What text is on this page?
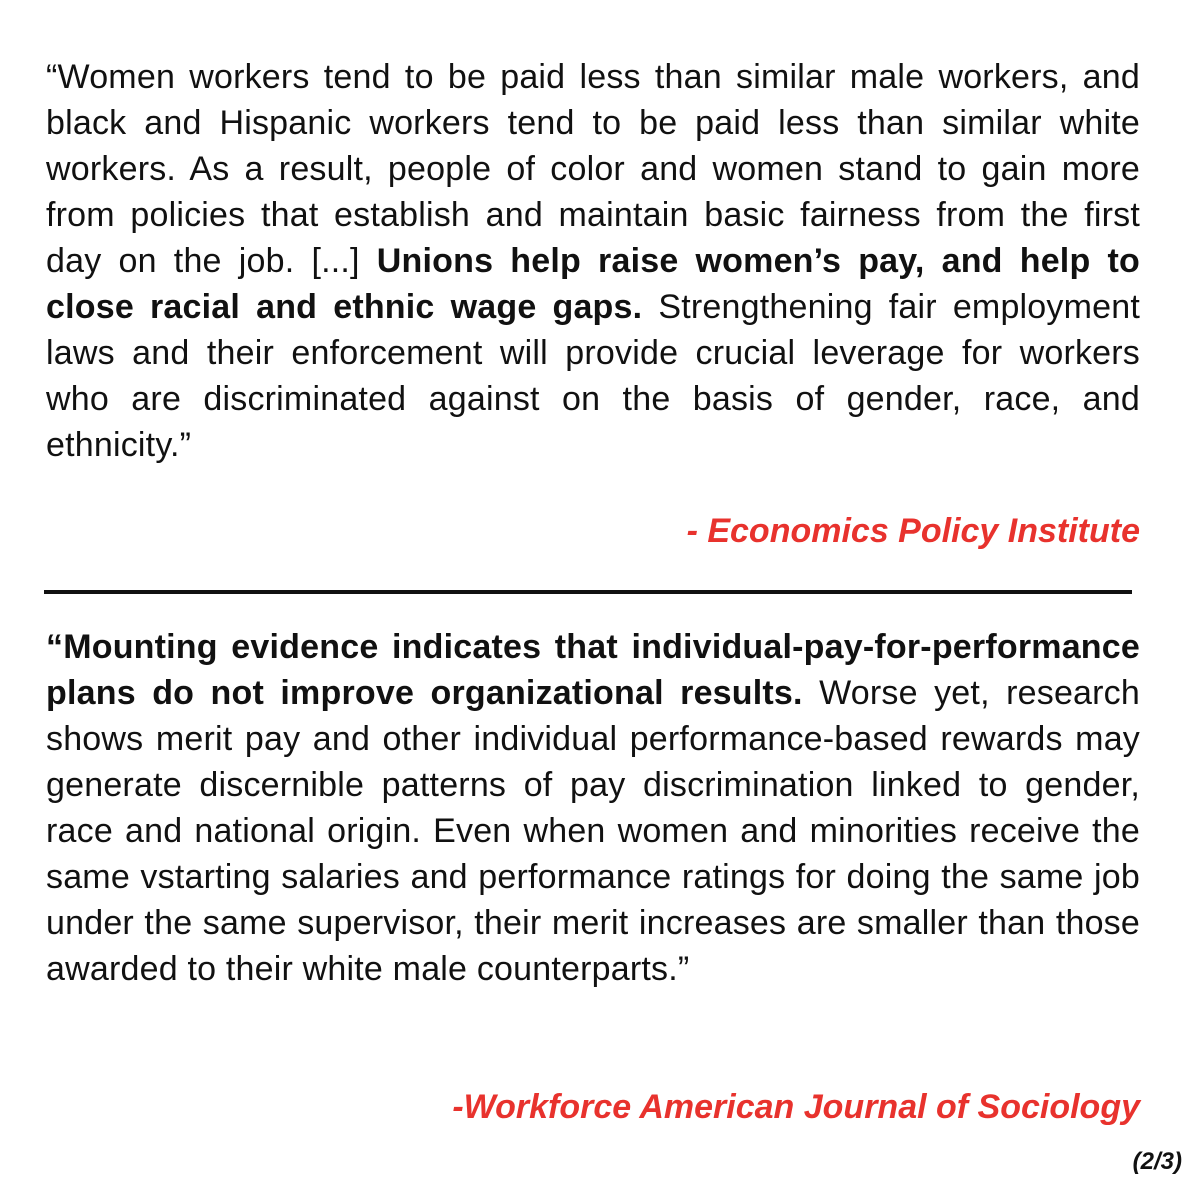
“Women workers tend to be paid less than similar male workers, and black and Hispanic workers tend to be paid less than similar white workers. As a result, people of color and women stand to gain more from policies that establish and maintain basic fairness from the first day on the job. [...] Unions help raise women’s pay, and help to close racial and ethnic wage gaps. Strengthening fair employment laws and their enforcement will provide crucial leverage for workers who are discriminated against on the basis of gender, race, and ethnicity.”

- Economics Policy Institute

“Mounting evidence indicates that individual-pay-for-performance plans do not improve organizational results. Worse yet, research shows merit pay and other individual performance-based rewards may generate discernible patterns of pay discrimination linked to gender, race and national origin. Even when women and minorities receive the same vstarting salaries and performance ratings for doing the same job under the same supervisor, their merit increases are smaller than those awarded to their white male counterparts.”

-Workforce American Journal of Sociology

(2/3)
